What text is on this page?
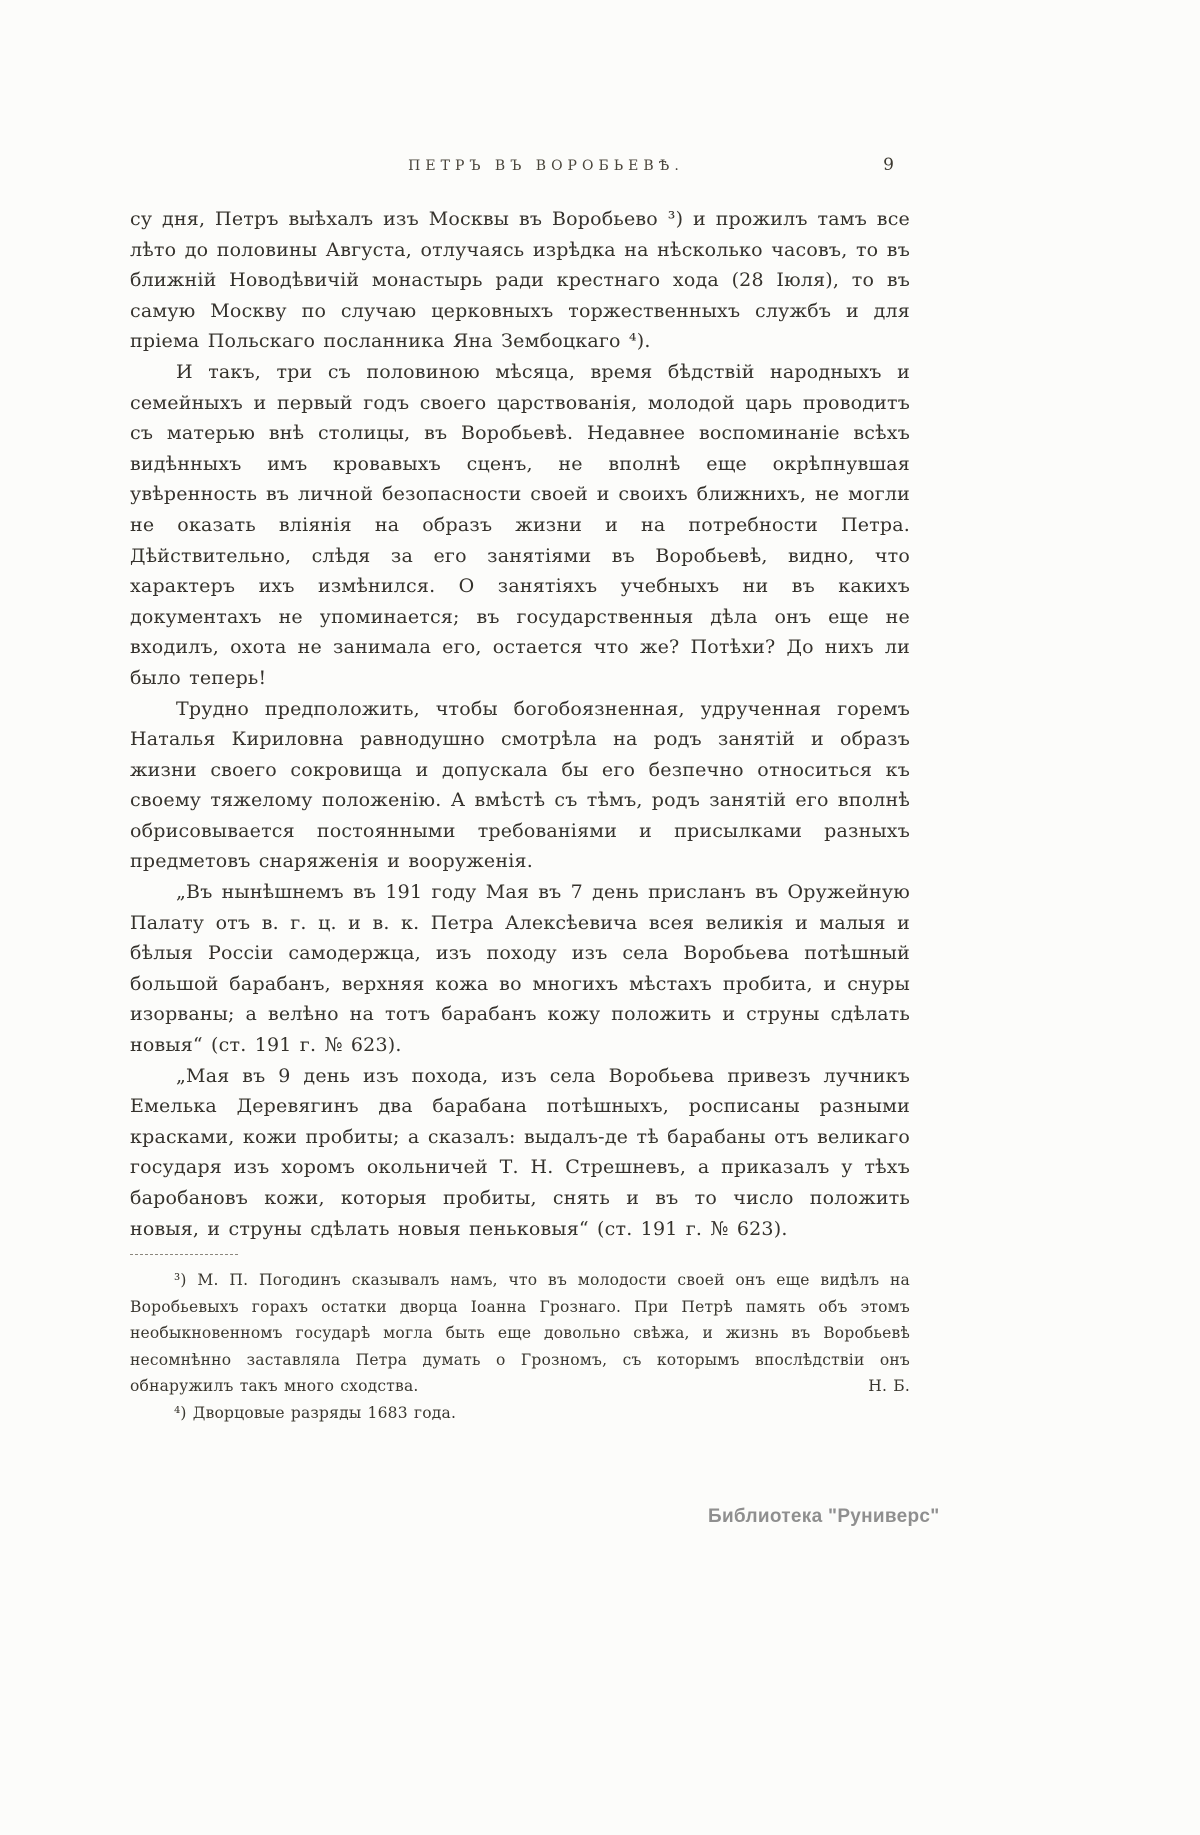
ПЕТРЪ ВЪ ВОРОБЬЕВѢ.	9

су дня, Петръ выѣхалъ изъ Москвы въ Воробьево ³) и прожилъ тамъ все лѣто до половины Августа, отлучаясь изрѣдка на нѣсколько часовъ, то въ ближній Новодѣвичій монастырь ради крестнаго хода (28 Іюля), то въ самую Москву по случаю церковныхъ торжественныхъ службъ и для пріема Польскаго посланника Яна Зембоцкаго ⁴).

И такъ, три съ половиною мѣсяца, время бѣдствій народныхъ и семейныхъ и первый годъ своего царствованія, молодой царь проводитъ съ матерью внѣ столицы, въ Воробьевѣ. Недавнее воспоминаніе всѣхъ видѣнныхъ имъ кровавыхъ сценъ, не вполнѣ еще окрѣпнувшая увѣренность въ личной безопасности своей и своихъ ближнихъ, не могли не оказать вліянія на образъ жизни и на потребности Петра. Дѣйствительно, слѣдя за его занятіями въ Воробьевѣ, видно, что характеръ ихъ измѣнился. О занятіяхъ учебныхъ ни въ какихъ документахъ не упоминается; въ государственныя дѣла онъ еще не входилъ, охота не занимала его, остается что же? Потѣхи? До нихъ ли было теперь!

Трудно предположить, чтобы богобоязненная, удрученная горемъ Наталья Кириловна равнодушно смотрѣла на родъ занятій и образъ жизни своего сокровища и допускала бы его безпечно относиться къ своему тяжелому положенію. А вмѣстѣ съ тѣмъ, родъ занятій его вполнѣ обрисовывается постоянными требованіями и присылками разныхъ предметовъ снаряженія и вооруженія.

„Въ нынѣшнемъ въ 191 году Мая въ 7 день присланъ въ Оружейную Палату отъ в. г. ц. и в. к. Петра Алексѣевича всея великія и малыя и бѣлыя Россіи самодержца, изъ походу изъ села Воробьева потѣшный большой барабанъ, верхняя кожа во многихъ мѣстахъ пробита, и снуры изорваны; а велѣно на тотъ барабанъ кожу положить и струны сдѣлать новыя“ (ст. 191 г. № 623).

„Мая въ 9 день изъ похода, изъ села Воробьева привезъ лучникъ Емелька Деревягинъ два барабана потѣшныхъ, росписаны разными красками, кожи пробиты; а сказалъ: выдалъ-де тѣ барабаны отъ великаго государя изъ хоромъ окольничей Т. Н. Стрешневъ, а приказалъ у тѣхъ баробановъ кожи, которыя пробиты, снять и въ то число положить новыя, и струны сдѣлать новыя пеньковыя“ (ст. 191 г. № 623).

³) М. П. Погодинъ сказывалъ намъ, что въ молодости своей онъ еще видѣлъ на Воробьевыхъ горахъ остатки дворца Іоанна Грознаго. При Петрѣ память объ этомъ необыкновенномъ государѣ могла быть еще довольно свѣжа, и жизнь въ Воробьевѣ несомнѣнно заставляла Петра думать о Грозномъ, съ которымъ впослѣдствіи онъ обнаружилъ такъ много сходства.	Н. Б.

⁴) Дворцовые разряды 1683 года.

Библиотека "Руниверс"
